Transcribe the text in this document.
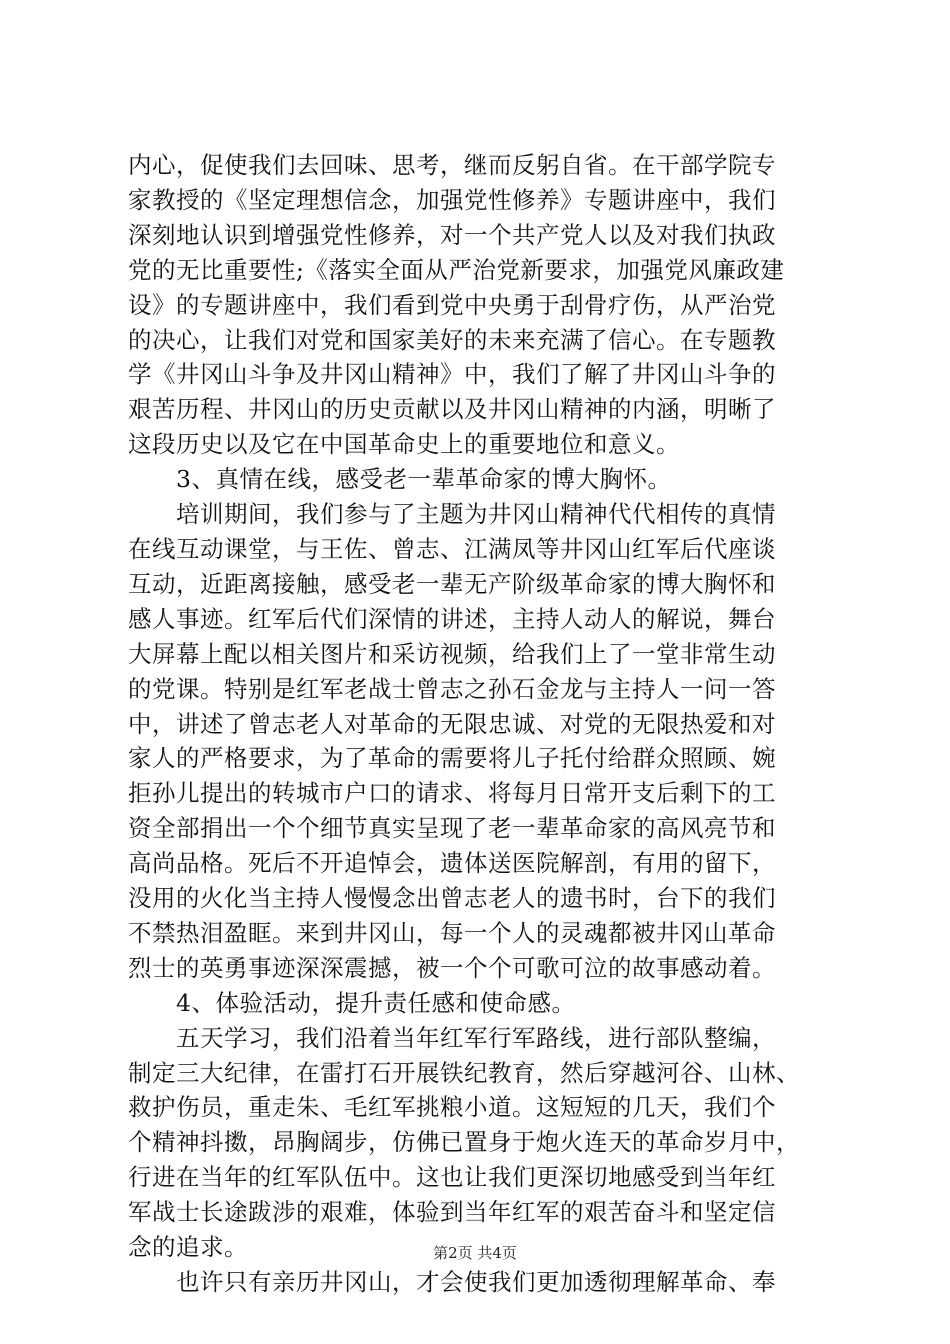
内心，促使我们去回味、思考，继而反躬自省。在干部学院专
家教授的《坚定理想信念，加强党性修养》专题讲座中，我们
深刻地认识到增强党性修养，对一个共产党人以及对我们执政
党的无比重要性;《落实全面从严治党新要求，加强党风廉政建
设》的专题讲座中，我们看到党中央勇于刮骨疗伤，从严治党
的决心，让我们对党和国家美好的未来充满了信心。在专题教
学《井冈山斗争及井冈山精神》中，我们了解了井冈山斗争的
艰苦历程、井冈山的历史贡献以及井冈山精神的内涵，明晰了
这段历史以及它在中国革命史上的重要地位和意义。
　　3、真情在线，感受老一辈革命家的博大胸怀。
　　培训期间，我们参与了主题为井冈山精神代代相传的真情
在线互动课堂，与王佐、曾志、江满凤等井冈山红军后代座谈
互动，近距离接触，感受老一辈无产阶级革命家的博大胸怀和
感人事迹。红军后代们深情的讲述，主持人动人的解说，舞台
大屏幕上配以相关图片和采访视频，给我们上了一堂非常生动
的党课。特别是红军老战士曾志之孙石金龙与主持人一问一答
中，讲述了曾志老人对革命的无限忠诚、对党的无限热爱和对
家人的严格要求，为了革命的需要将儿子托付给群众照顾、婉
拒孙儿提出的转城市户口的请求、将每月日常开支后剩下的工
资全部捐出一个个细节真实呈现了老一辈革命家的高风亮节和
高尚品格。死后不开追悼会，遗体送医院解剖，有用的留下，
没用的火化当主持人慢慢念出曾志老人的遗书时，台下的我们
不禁热泪盈眶。来到井冈山，每一个人的灵魂都被井冈山革命
烈士的英勇事迹深深震撼，被一个个可歌可泣的故事感动着。
　　4、体验活动，提升责任感和使命感。
　　五天学习，我们沿着当年红军行军路线，进行部队整编，
制定三大纪律，在雷打石开展铁纪教育，然后穿越河谷、山林、
救护伤员，重走朱、毛红军挑粮小道。这短短的几天，我们个
个精神抖擞，昂胸阔步，仿佛已置身于炮火连天的革命岁月中，
行进在当年的红军队伍中。这也让我们更深切地感受到当年红
军战士长途跋涉的艰难，体验到当年红军的艰苦奋斗和坚定信
念的追求。
　　也许只有亲历井冈山，才会使我们更加透彻理解革命、奉
第2页 共4页
